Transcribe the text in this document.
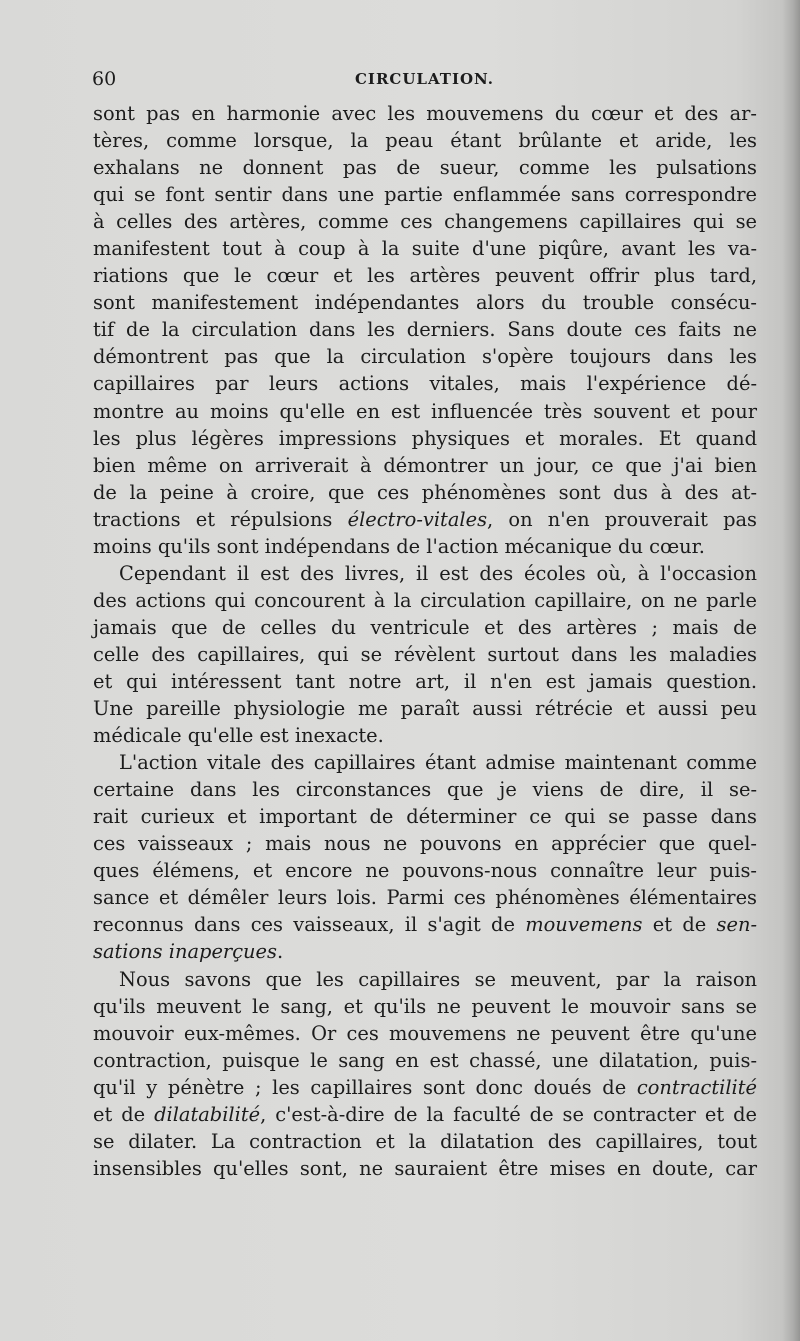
60	CIRCULATION.
sont pas en harmonie avec les mouvemens du cœur et des ar-
tères, comme lorsque, la peau étant brûlante et aride, les
exhalans ne donnent pas de sueur, comme les pulsations
qui se font sentir dans une partie enflammée sans correspondre
à celles des artères, comme ces changemens capillaires qui se
manifestent tout à coup à la suite d'une piqûre, avant les va-
riations que le cœur et les artères peuvent offrir plus tard,
sont manifestement indépendantes alors du trouble consécu-
tif de la circulation dans les derniers. Sans doute ces faits ne
démontrent pas que la circulation s'opère toujours dans les
capillaires par leurs actions vitales, mais l'expérience dé-
montre au moins qu'elle en est influencée très souvent et pour
les plus légères impressions physiques et morales. Et quand
bien même on arriverait à démontrer un jour, ce que j'ai bien
de la peine à croire, que ces phénomènes sont dus à des at-
tractions et répulsions électro-vitales, on n'en prouverait pas
moins qu'ils sont indépendans de l'action mécanique du cœur.
Cependant il est des livres, il est des écoles où, à l'occasion
des actions qui concourent à la circulation capillaire, on ne parle
jamais que de celles du ventricule et des artères ; mais de
celle des capillaires, qui se révèlent surtout dans les maladies
et qui intéressent tant notre art, il n'en est jamais question.
Une pareille physiologie me paraît aussi rétrécie et aussi peu
médicale qu'elle est inexacte.
L'action vitale des capillaires étant admise maintenant comme
certaine dans les circonstances que je viens de dire, il se-
rait curieux et important de déterminer ce qui se passe dans
ces vaisseaux ; mais nous ne pouvons en apprécier que quel-
ques élémens, et encore ne pouvons-nous connaître leur puis-
sance et démêler leurs lois. Parmi ces phénomènes élémentaires
reconnus dans ces vaisseaux, il s'agit de mouvemens et de sen-
sations inaperçues.
Nous savons que les capillaires se meuvent, par la raison
qu'ils meuvent le sang, et qu'ils ne peuvent le mouvoir sans se
mouvoir eux-mêmes. Or ces mouvemens ne peuvent être qu'une
contraction, puisque le sang en est chassé, une dilatation, puis-
qu'il y pénètre ; les capillaires sont donc doués de contractilité
et de dilatabilité, c'est-à-dire de la faculté de se contracter et de
se dilater. La contraction et la dilatation des capillaires, tout
insensibles qu'elles sont, ne sauraient être mises en doute, car
